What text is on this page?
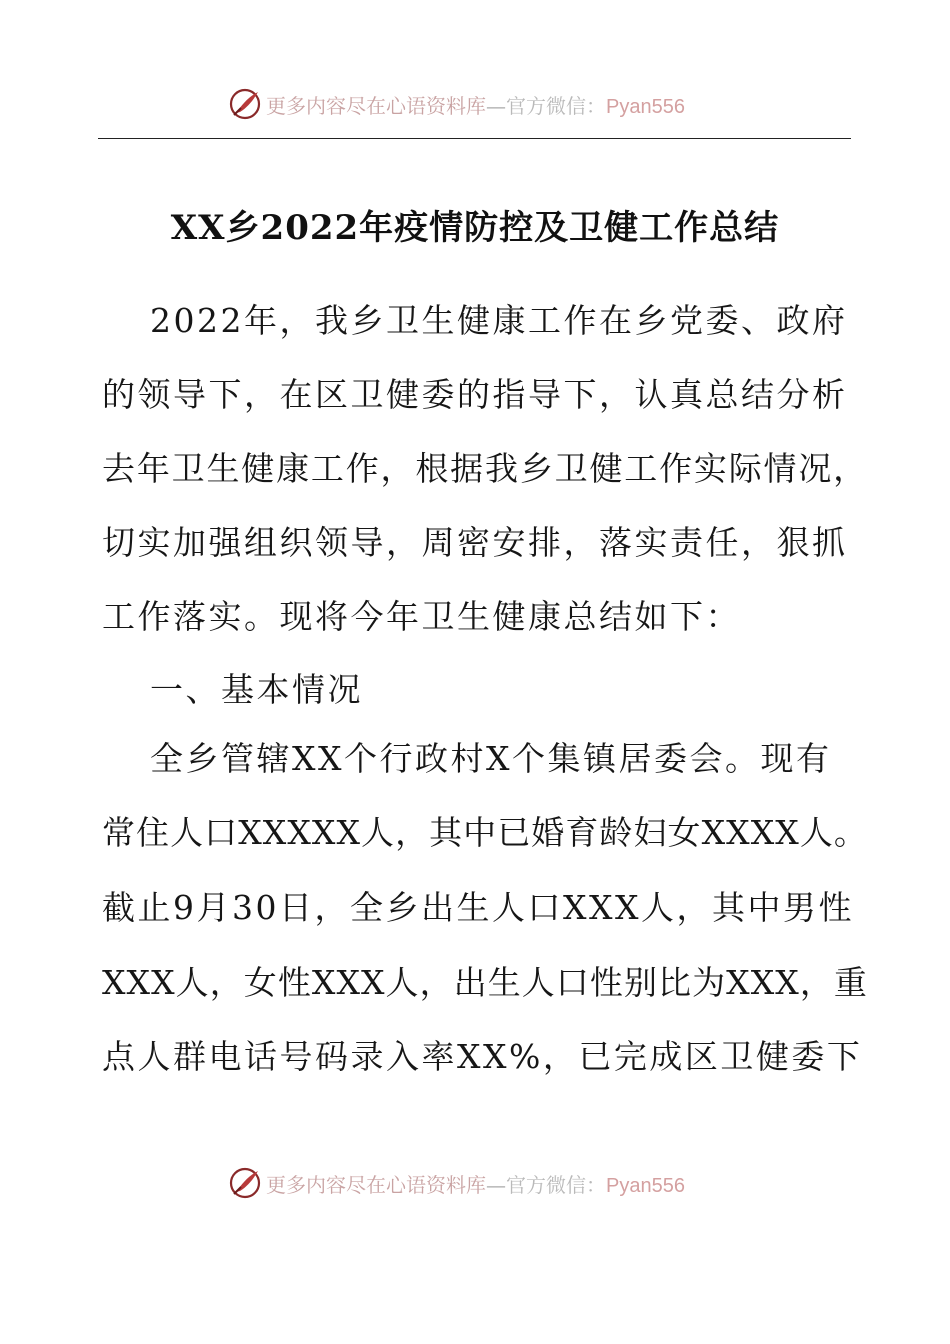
更多内容尽在心语资料库—官方微信：Pyan556
XX乡2022年疫情防控及卫健工作总结
2022年，我乡卫生健康工作在乡党委、政府
的领导下，在区卫健委的指导下，认真总结分析
去年卫生健康工作，根据我乡卫健工作实际情况，
切实加强组织领导，周密安排，落实责任，狠抓
工作落实。现将今年卫生健康总结如下：
一、基本情况
全乡管辖XX个行政村X个集镇居委会。现有
常住人口XXXXX人，其中已婚育龄妇女XXXX人。
截止9月30日，全乡出生人口XXX人，其中男性
XXX人，女性XXX人，出生人口性别比为XXX，重
点人群电话号码录入率XX%，已完成区卫健委下
更多内容尽在心语资料库—官方微信：Pyan556
